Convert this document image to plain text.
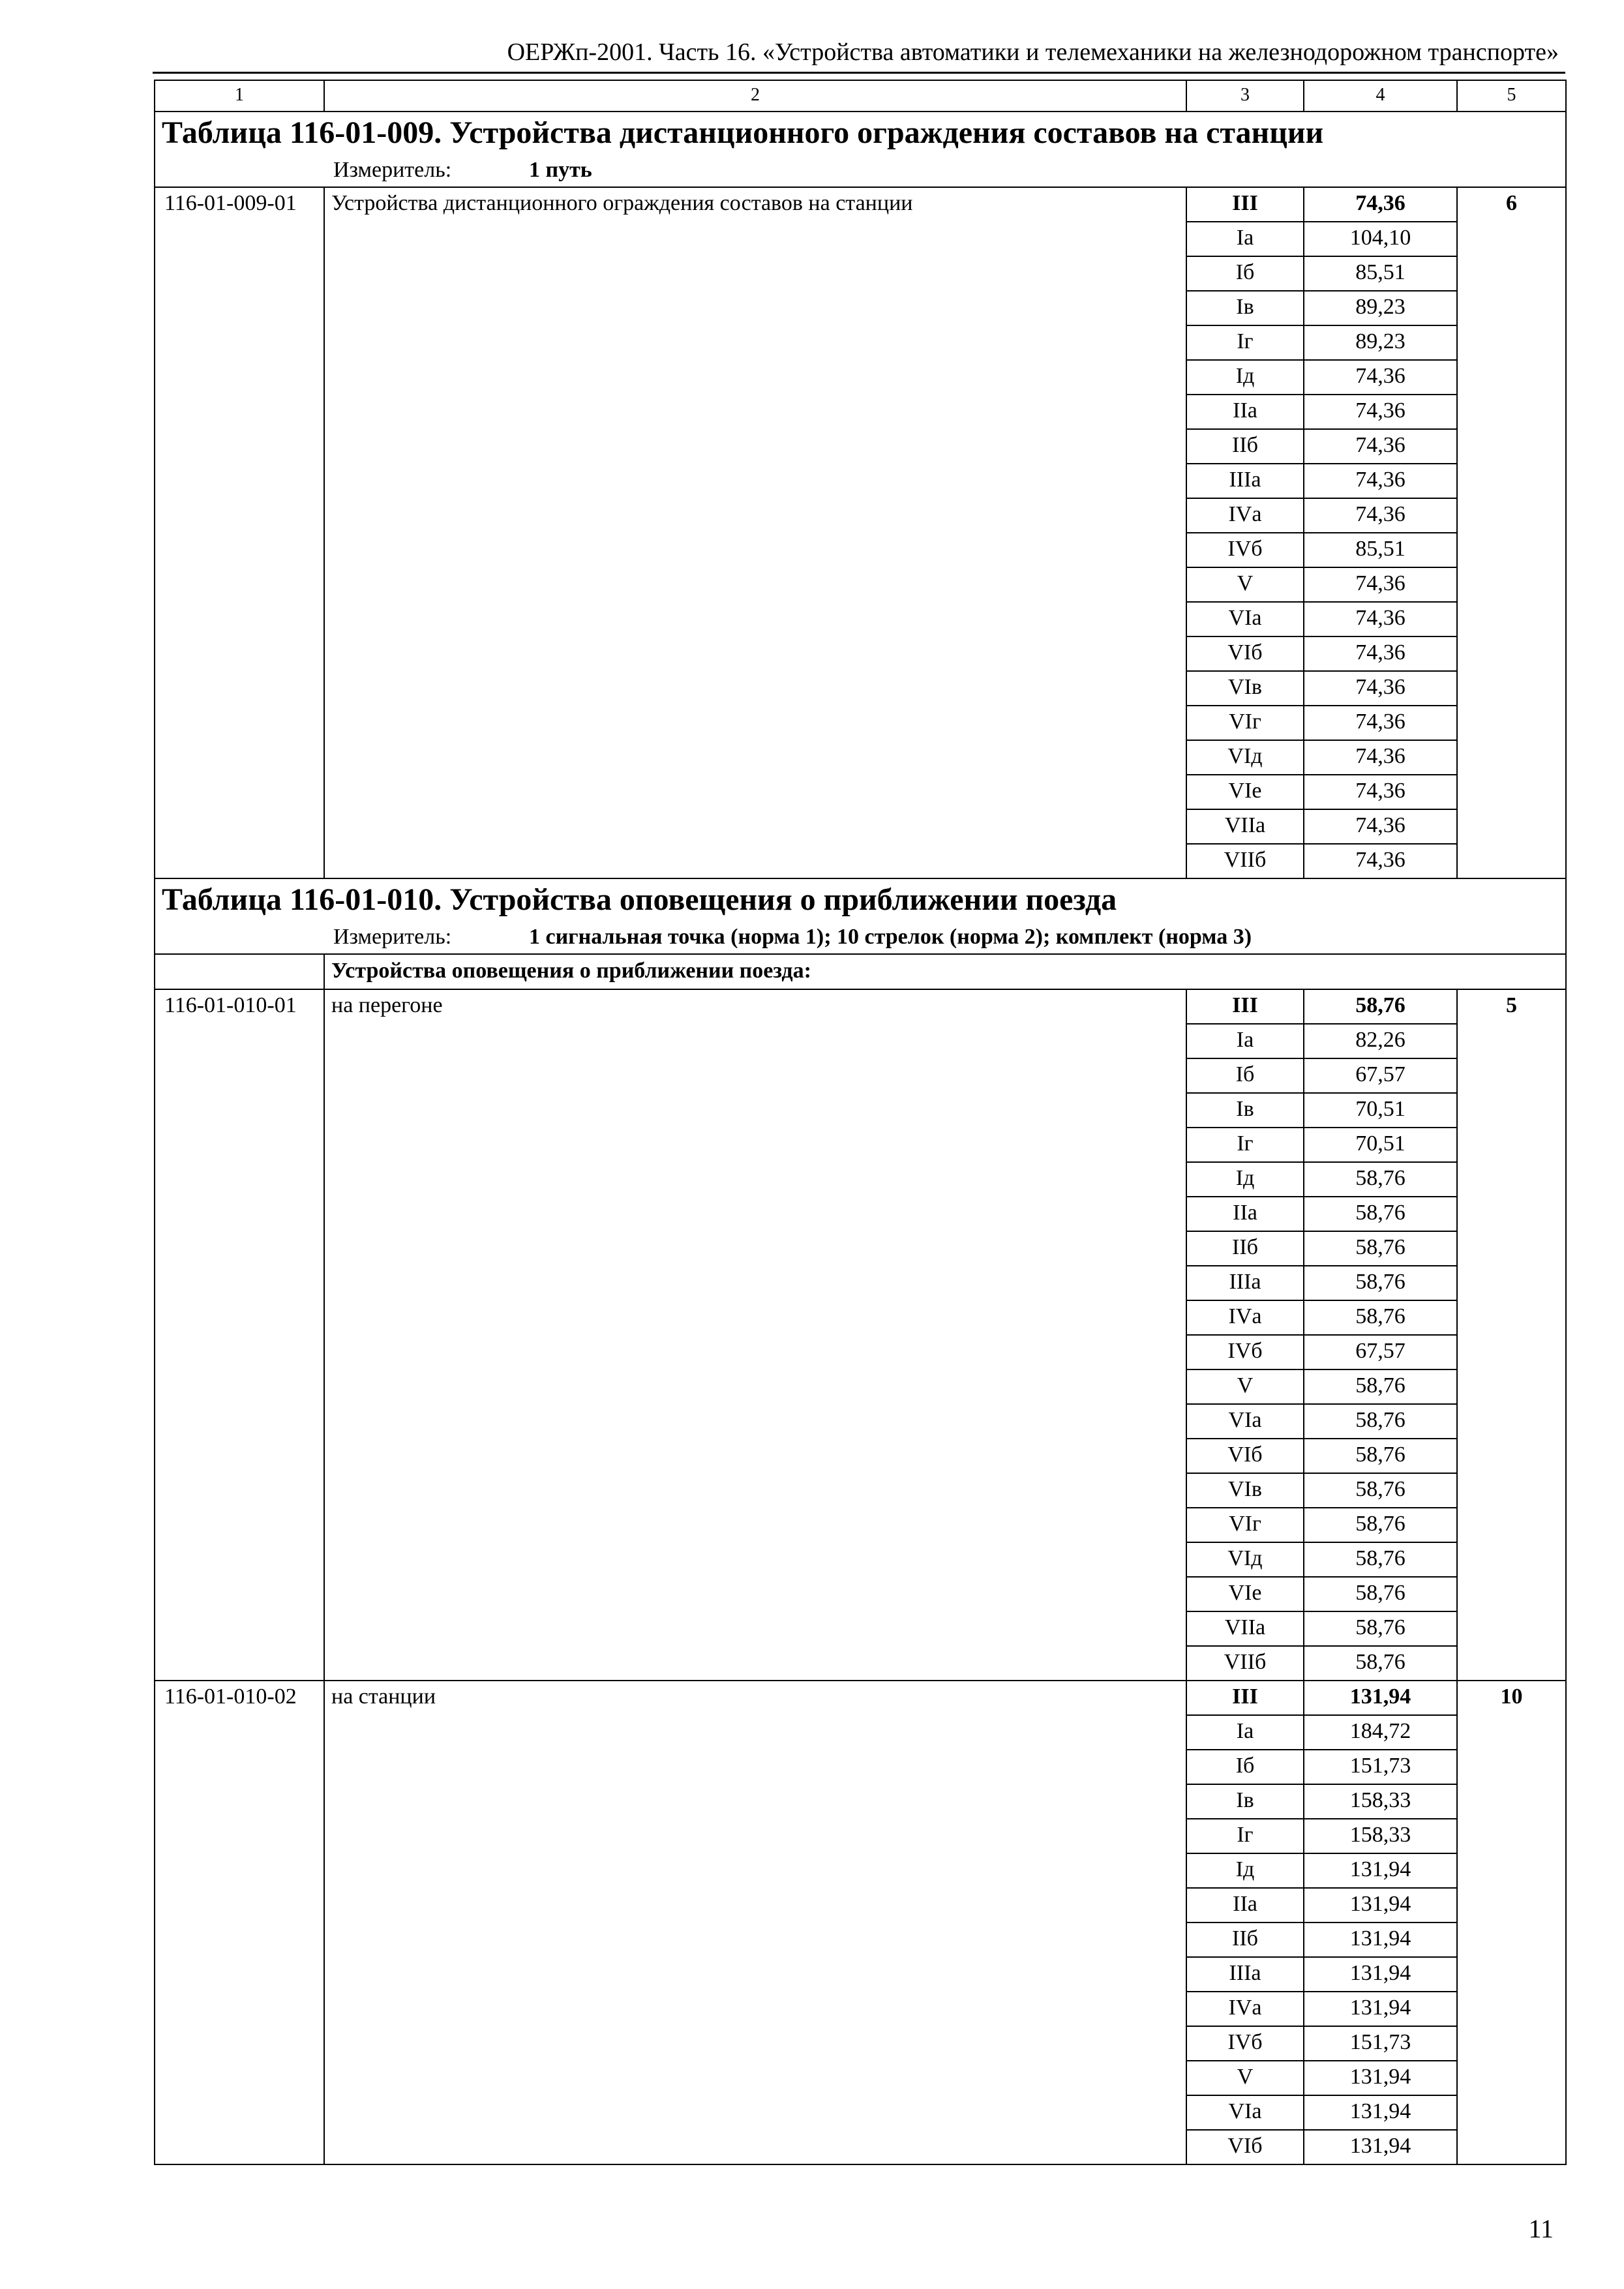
ОЕРЖп-2001. Часть 16. «Устройства автоматики и телемеханики на железнодорожном транспорте»
1	2	3	4	5
Таблица 116-01-009. Устройства дистанционного ограждения составов на станции				
Измеритель: 1 путь				
116-01-009-01	Устройства дистанционного ограждения составов на станции	III	74,36	6
		Iа	104,10	
		Iб	85,51	
		Iв	89,23	
		Iг	89,23	
		Iд	74,36	
		IIа	74,36	
		IIб	74,36	
		IIIа	74,36	
		IVа	74,36	
		IVб	85,51	
		V	74,36	
		VIа	74,36	
		VIб	74,36	
		VIв	74,36	
		VIг	74,36	
		VIд	74,36	
		VIе	74,36	
		VIIа	74,36	
		VIIб	74,36	
Таблица 116-01-010. Устройства оповещения о приближении поезда				
Измеритель: 1 сигнальная точка (норма 1); 10 стрелок (норма 2); комплект (норма 3)				
	Устройства оповещения о приближении поезда:			
116-01-010-01	на перегоне	III	58,76	5
		Iа	82,26	
		Iб	67,57	
		Iв	70,51	
		Iг	70,51	
		Iд	58,76	
		IIа	58,76	
		IIб	58,76	
		IIIа	58,76	
		IVа	58,76	
		IVб	67,57	
		V	58,76	
		VIа	58,76	
		VIб	58,76	
		VIв	58,76	
		VIг	58,76	
		VIд	58,76	
		VIе	58,76	
		VIIа	58,76	
		VIIб	58,76	
116-01-010-02	на станции	III	131,94	10
		Iа	184,72	
		Iб	151,73	
		Iв	158,33	
		Iг	158,33	
		Iд	131,94	
		IIа	131,94	
		IIб	131,94	
		IIIа	131,94	
		IVа	131,94	
		IVб	151,73	
		V	131,94	
		VIа	131,94	
		VIб	131,94	
11
